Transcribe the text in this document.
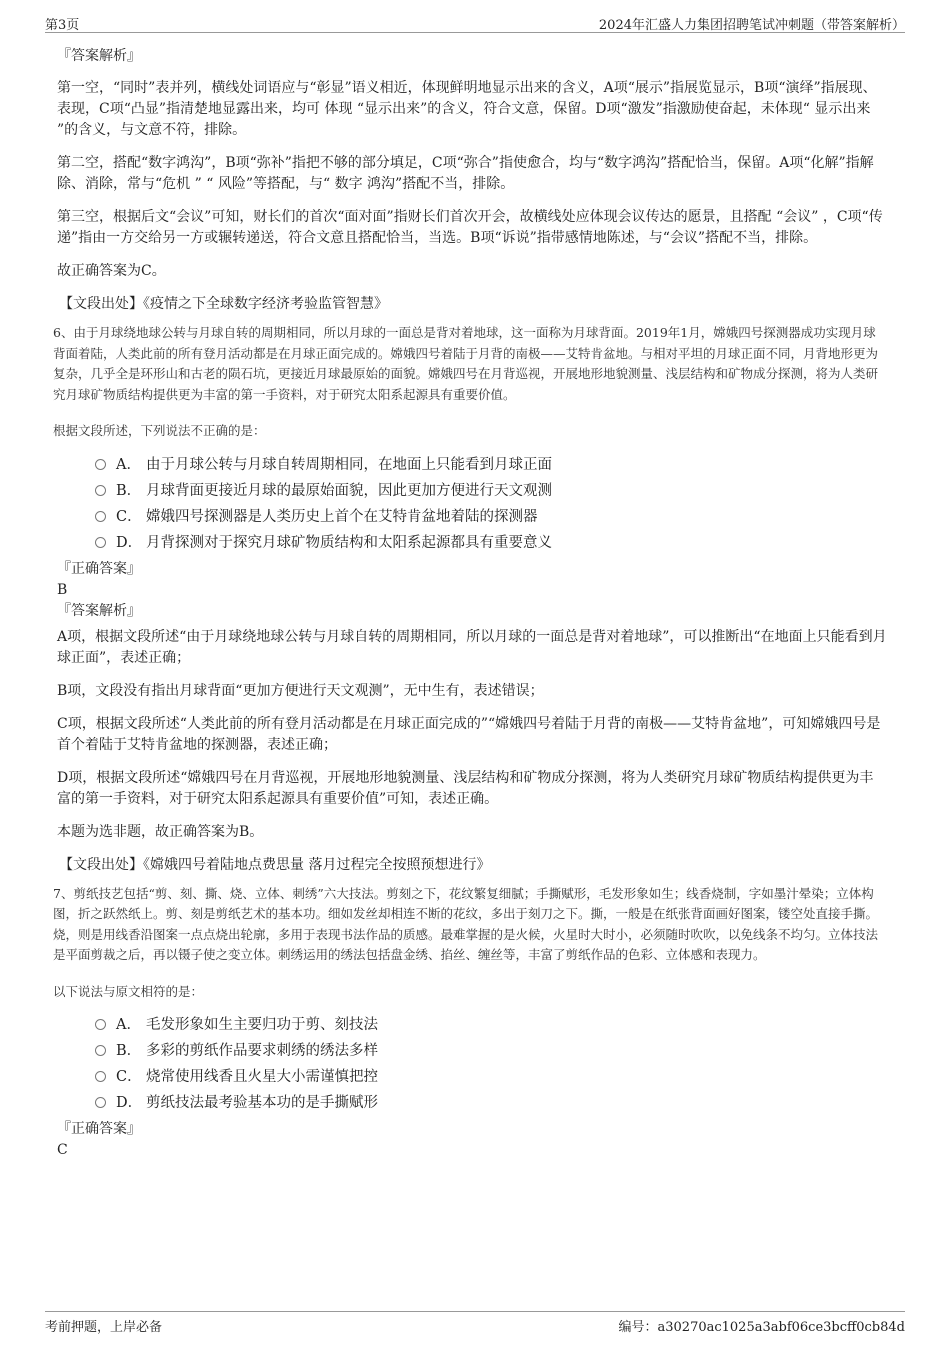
第3页	2024年汇盛人力集团招聘笔试冲刺题（带答案解析）

『答案解析』

第一空，“同时”表并列，横线处词语应与“彰显”语义相近，体现鲜明地显示出来的含义，A项“展示”指展览显示，B项“演绎”指展现、表现，C项“凸显”指清楚地显露出来，均可 体现 “显示出来”的含义，符合文意，保留。D项“激发”指激励使奋起，未体现“ 显示出来 ”的含义，与文意不符，排除。

第二空，搭配“数字鸿沟”，B项“弥补”指把不够的部分填足，C项“弥合”指使愈合，均与“数字鸿沟”搭配恰当，保留。A项“化解”指解除、消除，常与“危机 ” “ 风险”等搭配，与“ 数字 鸿沟”搭配不当，排除。

第三空，根据后文“会议”可知，财长们的首次“面对面”指财长们首次开会，故横线处应体现会议传达的愿景，且搭配 “会议” ，C项“传递”指由一方交给另一方或辗转递送，符合文意且搭配恰当，当选。B项“诉说”指带感情地陈述，与“会议”搭配不当，排除。

故正确答案为C。

【文段出处】《疫情之下全球数字经济考验监管智慧》

6、由于月球绕地球公转与月球自转的周期相同，所以月球的一面总是背对着地球，这一面称为月球背面。2019年1月，嫦娥四号探测器成功实现月球背面着陆，人类此前的所有登月活动都是在月球正面完成的。嫦娥四号着陆于月背的南极——艾特肯盆地。与相对平坦的月球正面不同，月背地形更为复杂，几乎全是环形山和古老的陨石坑，更接近月球最原始的面貌。嫦娥四号在月背巡视，开展地形地貌测量、浅层结构和矿物成分探测，将为人类研究月球矿物质结构提供更为丰富的第一手资料，对于研究太阳系起源具有重要价值。

根据文段所述，下列说法不正确的是：

A． 由于月球公转与月球自转周期相同，在地面上只能看到月球正面
B． 月球背面更接近月球的最原始面貌，因此更加方便进行天文观测
C． 嫦娥四号探测器是人类历史上首个在艾特肯盆地着陆的探测器
D． 月背探测对于探究月球矿物质结构和太阳系起源都具有重要意义

『正确答案』

B

『答案解析』

A项，根据文段所述“由于月球绕地球公转与月球自转的周期相同，所以月球的一面总是背对着地球”，可以推断出“在地面上只能看到月球正面”，表述正确；

B项，文段没有指出月球背面“更加方便进行天文观测”，无中生有，表述错误；

C项，根据文段所述“人类此前的所有登月活动都是在月球正面完成的”“嫦娥四号着陆于月背的南极——艾特肯盆地”，可知嫦娥四号是首个着陆于艾特肯盆地的探测器，表述正确；

D项，根据文段所述“嫦娥四号在月背巡视，开展地形地貌测量、浅层结构和矿物成分探测，将为人类研究月球矿物质结构提供更为丰富的第一手资料，对于研究太阳系起源具有重要价值”可知，表述正确。

本题为选非题，故正确答案为B。

【文段出处】《嫦娥四号着陆地点费思量 落月过程完全按照预想进行》

7、剪纸技艺包括“剪、刻、撕、烧、立体、刺绣”六大技法。剪刻之下，花纹繁复细腻；手撕赋形，毛发形象如生；线香烧制，字如墨汁晕染；立体构图，折之跃然纸上。剪、刻是剪纸艺术的基本功。细如发丝却相连不断的花纹，多出于刻刀之下。撕，一般是在纸张背面画好图案，镂空处直接手撕。烧，则是用线香沿图案一点点烧出轮廓，多用于表现书法作品的质感。最难掌握的是火候，火星时大时小，必须随时吹吹，以免线条不均匀。立体技法是平面剪裁之后，再以镊子使之变立体。刺绣运用的绣法包括盘金绣、掐丝、缠丝等，丰富了剪纸作品的色彩、立体感和表现力。

以下说法与原文相符的是：

A． 毛发形象如生主要归功于剪、刻技法
B． 多彩的剪纸作品要求刺绣的绣法多样
C． 烧常使用线香且火星大小需谨慎把控
D． 剪纸技法最考验基本功的是手撕赋形

『正确答案』

C

考前押题，上岸必备	编号：a30270ac1025a3abf06ce3bcff0cb84d
